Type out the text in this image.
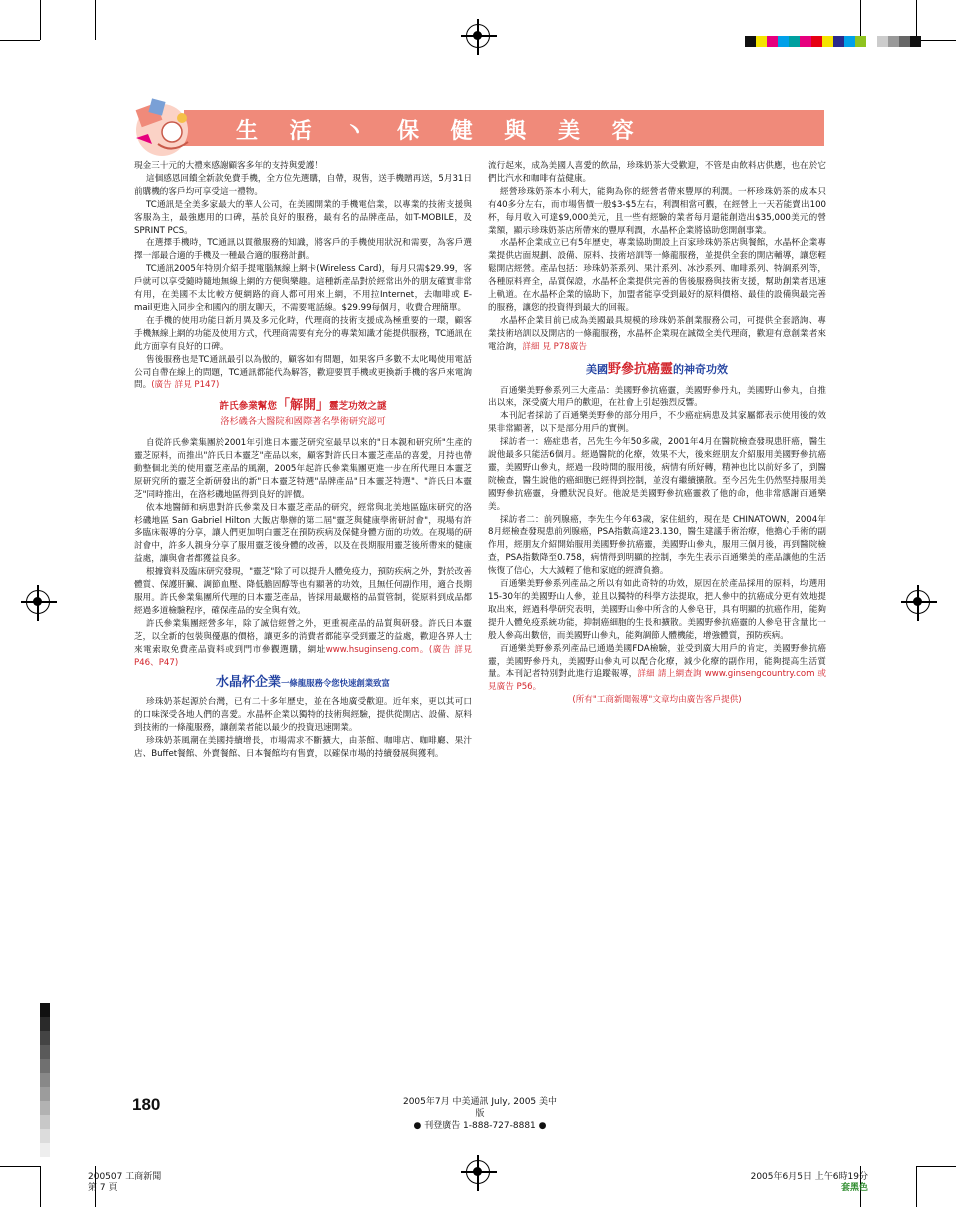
生 活 丶 保 健 與 美 容

現金三十元的大禮來感謝顧客多年的支持與愛護！

這個感恩回饋全新款免費手機，全方位先選購，自帶，現售，送手機贈再送，5月31日前購機的客戶均可享受這一禮物。

TC通訊是全美多家最大的華人公司，在美國開業的手機電信業，以專業的技術支援與客服為主，最強應用的口碑，基於良好的服務，最有名的品牌產品，如T-MOBILE，及SPRINT PCS。

在選擇手機時，TC通訊以貫徹服務的知識，將客戶的手機使用狀況和需要，為客戶選擇一部最合適的手機及一種最合適的服務計劃。

TC通訊2005年特別介紹手提電腦無線上網卡(Wireless Card)，每月只需$29.99，客戶就可以享受隨時隨地無線上網的方便與樂趣。這種新產品對於經常出外的朋友確實非常有用，在美國不太比較方便網路的商人都可用來上網，不用拉Internet，去咖啡或 E-mail更進入同步全和國內的朋友聊天，不需要電話線。$29.99每個月，收費合理簡單。

在手機的使用功能日新月異及多元化時，代理商的技術支援成為極重要的一環，顧客手機無線上網的功能及使用方式，代理商需要有充分的專業知識才能提供服務，TC通訊在此方面享有良好的口碑。

售後服務也是TC通訊最引以為傲的，顧客如有問題，如果客戶多數不太叱喝使用電話公司自帶在線上的問題，TC通訊都能代為解答，歡迎要買手機或更換新手機的客戶來電詢問。(廣告 詳見 P147)

許氏參業幫您「解開」靈芝功效之謎
洛杉磯各大醫院和國際著名學術研究認可

自從許氏參業集團於2001年引進日本靈芝研究室最早以來的"日本親和研究所"生產的靈芝原料，而推出"許氏日本靈芝"產品以來，顧客對許氏日本靈芝產品的喜愛，月持也帶動整個北美的使用靈芝產品的風潮，2005年起許氏參業集團更進一步在所代理日本靈芝原研究所的靈芝全新研發出的新"日本靈芝特選"品牌產品"日本靈芝特選"、"許氏日本靈芝"同時推出，在洛杉磯地區得到良好的評價。

依本地醫師和病患對許氏參業及日本靈芝產品的研究，經常與北美地區臨床研究的洛杉磯地區 San Gabriel Hilton 大飯店舉辦的第二屆"靈芝與健康學術研討會"，現場有許多臨床報導的分享，讓人們更加明白靈芝在預防疾病及保健身體方面的功效。在現場的研討會中，許多人親身分享了服用靈芝後身體的改善，以及在長期服用靈芝後所帶來的健康益處，讓與會者都獲益良多。

根據資料及臨床研究發現，"靈芝"除了可以提升人體免疫力，預防疾病之外，對於改善體質、保護肝臟、調節血壓、降低膽固醇等也有顯著的功效，且無任何副作用，適合長期服用。許氏參業集團所代理的日本靈芝產品，皆採用最嚴格的品質管制，從原料到成品都經過多道檢驗程序，確保產品的安全與有效。

許氏參業集團經營多年，除了誠信經營之外，更重視產品的品質與研發。許氏日本靈芝，以全新的包裝與優惠的價格，讓更多的消費者都能享受到靈芝的益處，歡迎各界人士來電索取免費產品資料或到門市參觀選購，網址www.hsuginseng.com。(廣告 詳見 P46、P47)

水晶杯企業一條龍服務令您快速創業致富

珍珠奶茶起源於台灣，已有二十多年歷史，並在各地廣受歡迎。近年來，更以其可口的口味深受各地人們的喜愛。水晶杯企業以獨特的技術與經驗，提供從開店、設備、原料到技術的一條龍服務，讓創業者能以最少的投資迅速開業。

珍珠奶茶風潮在美國持續增長，市場需求不斷擴大，由茶館、咖啡店、咖啡廳、果汁店、Buffet餐館、外賣餐館、日本餐館均有售賣，以確保市場的持續發展與獲利。

流行起來，成為美國人喜愛的飲品，珍珠奶茶大受歡迎，不管是由飲料店供應，也在於它們比汽水和咖啡有益健康。

經營珍珠奶茶本小利大，能夠為你的經營者帶來豐厚的利潤。一杯珍珠奶茶的成本只有40多分左右，而市場售價一般$3-$5左右，利潤相當可觀，在經營上一天若能賣出100杯，每月收入可達$9,000美元，且一些有經驗的業者每月還能創造出$35,000美元的營業額，顯示珍珠奶茶店所帶來的豐厚利潤，水晶杯企業將協助您開創事業。

水晶杯企業成立已有5年歷史，專業協助開設上百家珍珠奶茶店與餐館，水晶杯企業專業提供店面規劃、設備、原料、技術培訓等一條龍服務，並提供全套的開店輔導，讓您輕鬆開店經營。產品包括：珍珠奶茶系列、果汁系列、冰沙系列、咖啡系列、特調系列等，各種原料齊全，品質保證，水晶杯企業提供完善的售後服務與技術支援，幫助創業者迅速上軌道。在水晶杯企業的協助下，加盟者能享受到最好的原料價格、最佳的設備與最完善的服務，讓您的投資得到最大的回報。

水晶杯企業目前已成為美國最具規模的珍珠奶茶創業服務公司，可提供全套諮詢、專業技術培訓以及開店的一條龍服務，水晶杯企業現在誠徵全美代理商，歡迎有意創業者來電洽詢，詳細 見 P78廣告

美國野參抗癌靈的神奇功效

百通樂美野參系列三大產品：美國野參抗癌靈，美國野參丹丸，美國野山參丸，自推出以來，深受廣大用戶的歡迎，在社會上引起強烈反響。

本刊記者採訪了百通樂美野參的部分用戶，不少癌症病患及其家屬都表示使用後的效果非常顯著，以下是部分用戶的實例。

採訪者一：癌症患者，呂先生今年50多歲，2001年4月在醫院檢查發現患肝癌，醫生說他最多只能活6個月。經過醫院的化療，效果不大，後來經朋友介紹服用美國野參抗癌靈，美國野山參丸，經過一段時間的服用後，病情有所好轉，精神也比以前好多了，到醫院檢查，醫生說他的癌細胞已經得到控制，並沒有繼續擴散。至今呂先生仍然堅持服用美國野參抗癌靈，身體狀況良好。他說是美國野參抗癌靈救了他的命，他非常感謝百通樂美。

採訪者二：前列腺癌，李先生今年63歲，家住紐約，現在是 CHINATOWN，2004年8月經檢查發現患前列腺癌，PSA指數高達23.130，醫生建議手術治療，他擔心手術的副作用，經朋友介紹開始服用美國野參抗癌靈，美國野山參丸，服用三個月後，再到醫院檢查，PSA指數降至0.758，病情得到明顯的控制，李先生表示百通樂美的產品讓他的生活恢復了信心，大大減輕了他和家庭的經濟負擔。

百通樂美野參系列產品之所以有如此奇特的功效，原因在於產品採用的原料，均選用15-30年的美國野山人參，並且以獨特的科學方法提取，把人參中的抗癌成分更有效地提取出來，經過科學研究表明，美國野山參中所含的人參皂苷，具有明顯的抗癌作用，能夠提升人體免疫系統功能，抑制癌細胞的生長和擴散。美國野參抗癌靈的人參皂苷含量比一般人參高出數倍，而美國野山參丸，能夠調節人體機能，增強體質，預防疾病。

百通樂美野參系列產品已通過美國FDA檢驗，並受到廣大用戶的肯定，美國野參抗癌靈，美國野參丹丸，美國野山參丸可以配合化療，減少化療的副作用，能夠提高生活質量。本刊記者特別對此進行追蹤報導，詳細 請上網查詢 www.ginsengcountry.com 或見廣告 P56。

(所有"工商新聞報導"文章均由廣告客戶提供)

180	2005年7月 中美通訊 July, 2005 美中版
● 刊登廣告 1-888-727-8881 ●
200507 工商新聞
第 7 頁
2005年6月5日 上午6時19分
套黑色
